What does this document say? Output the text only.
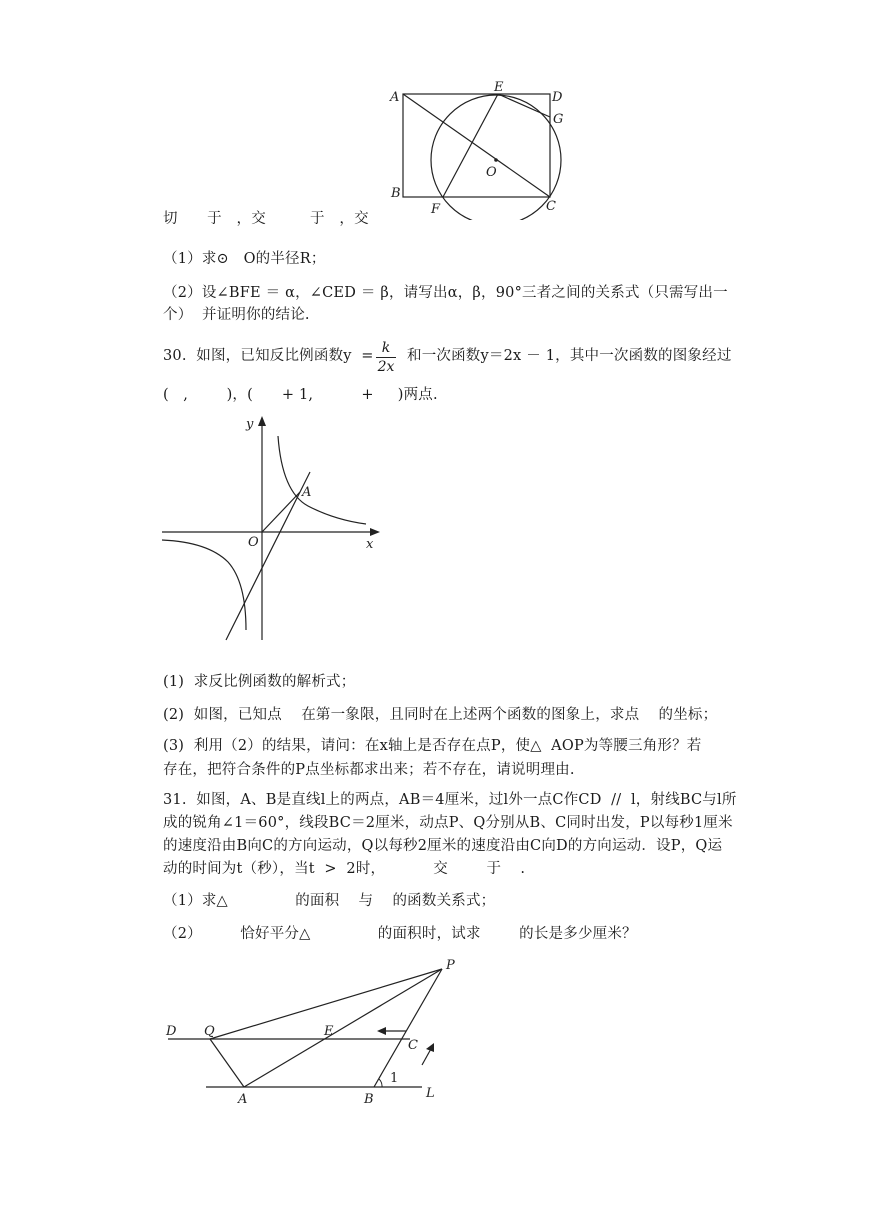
A
E
D
G
O
B
F	C
切　　于　，交　　　于　，交
（1）求⊙　O的半径R；
（2）设∠BFE ＝ α，∠CED ＝ β，请写出α，β，90°三者之间的关系式（只需写出一
个）  并证明你的结论.
30.  如图，已知反比例函数y  = k
2x
和一次函数y＝2x － 1，其中一次函数的图象经过
(   ,        )，(      + 1,          +     )两点.
y
x
O
A
(1)  求反比例函数的解析式；
(2)  如图，已知点    在第一象限，且同时在上述两个函数的图象上，求点    的坐标；
(3)  利用（2）的结果，请问：在x轴上是否存在点P，使△  AOP为等腰三角形？若
存在，把符合条件的P点坐标都求出来；若不存在，请说明理由.
31.  如图，A、B是直线l上的两点，AB＝4厘米，过l外一点C作CD  //  l，射线BC与l所
成的锐角∠1＝60°，线段BC＝2厘米，动点P、Q分别从B、C同时出发，P以每秒1厘米
的速度沿由B向C的方向运动，Q以每秒2厘米的速度沿由C向D的方向运动．设P，Q运
动的时间为t（秒），当t  >  2时，          交        于    .
（1）求△              的面积    与    的函数关系式；
（2）        恰好平分△              的面积时，试求        的长是多少厘米？
P
D Q	E
C
1
A	B	L
